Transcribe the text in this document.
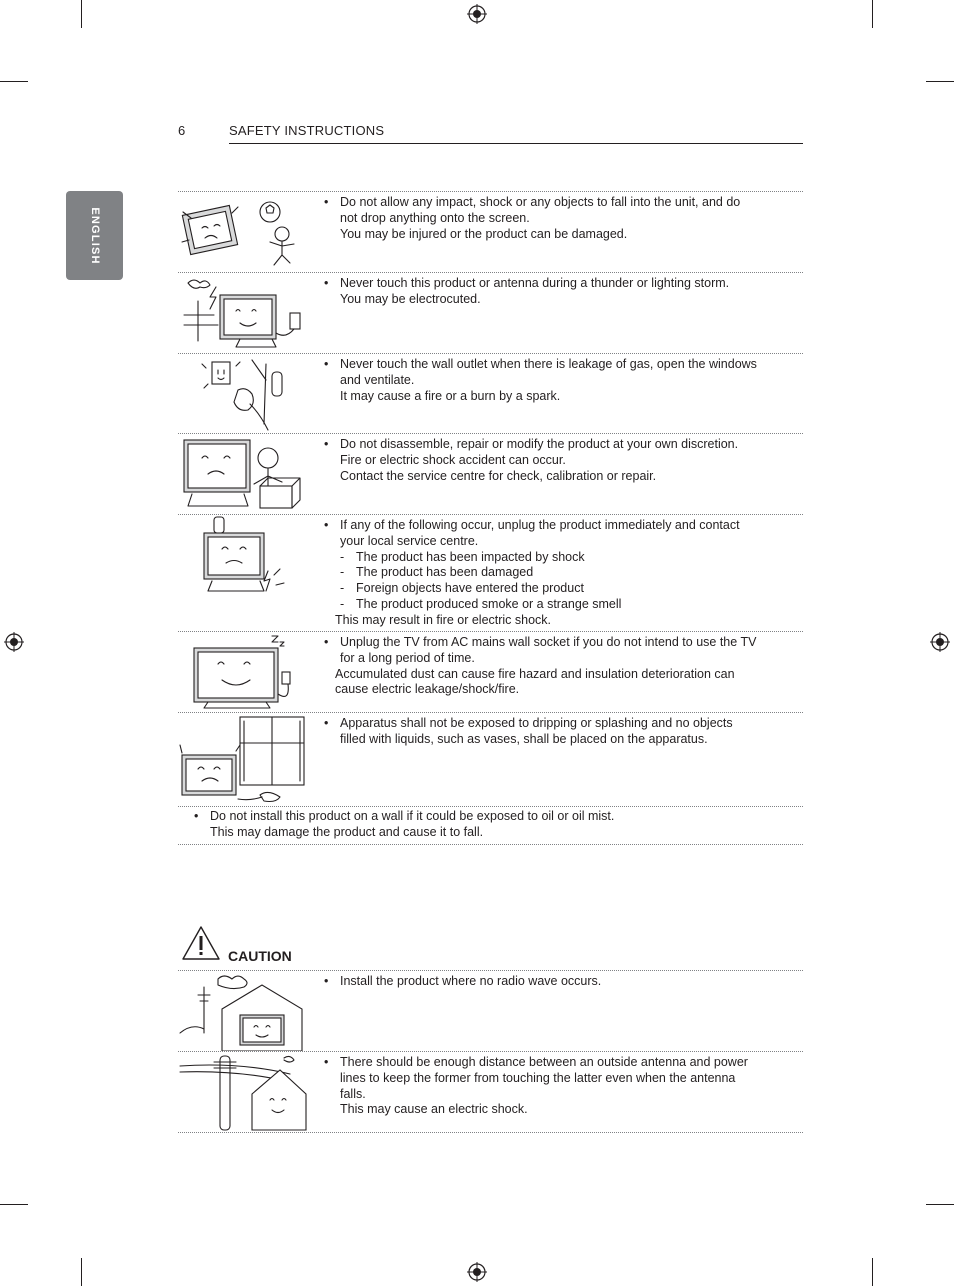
6	SAFETY INSTRUCTIONS
ENGLISH
• Do not allow any impact, shock or any objects to fall into the unit, and do
not drop anything onto the screen.
You may be injured or the product can be damaged.
• Never touch this product or antenna during a thunder or lighting storm.
You may be electrocuted.
• Never touch the wall outlet when there is leakage of gas, open the windows
and ventilate.
It may cause a fire or a burn by a spark.
• Do not disassemble, repair or modify the product at your own discretion.
Fire or electric shock accident can occur.
Contact the service centre for check, calibration or repair.
• If any of the following occur, unplug the product immediately and contact
your local service centre.
- The product has been impacted by shock
- The product has been damaged
- Foreign objects have entered the product
- The product produced smoke or a strange smell
This may result in fire or electric shock.
• Unplug the TV from AC mains wall socket if you do not intend to use the TV
for a long period of time.
Accumulated dust can cause fire hazard and insulation deterioration can
cause electric leakage/shock/fire.
• Apparatus shall not be exposed to dripping or splashing and no objects
filled with liquids, such as vases, shall be placed on the apparatus.
• Do not install this product on a wall if it could be exposed to oil or oil mist.
This may damage the product and cause it to fall.
CAUTION
• Install the product where no radio wave occurs.
• There should be enough distance between an outside antenna and power
lines to keep the former from touching the latter even when the antenna
falls.
This may cause an electric shock.
